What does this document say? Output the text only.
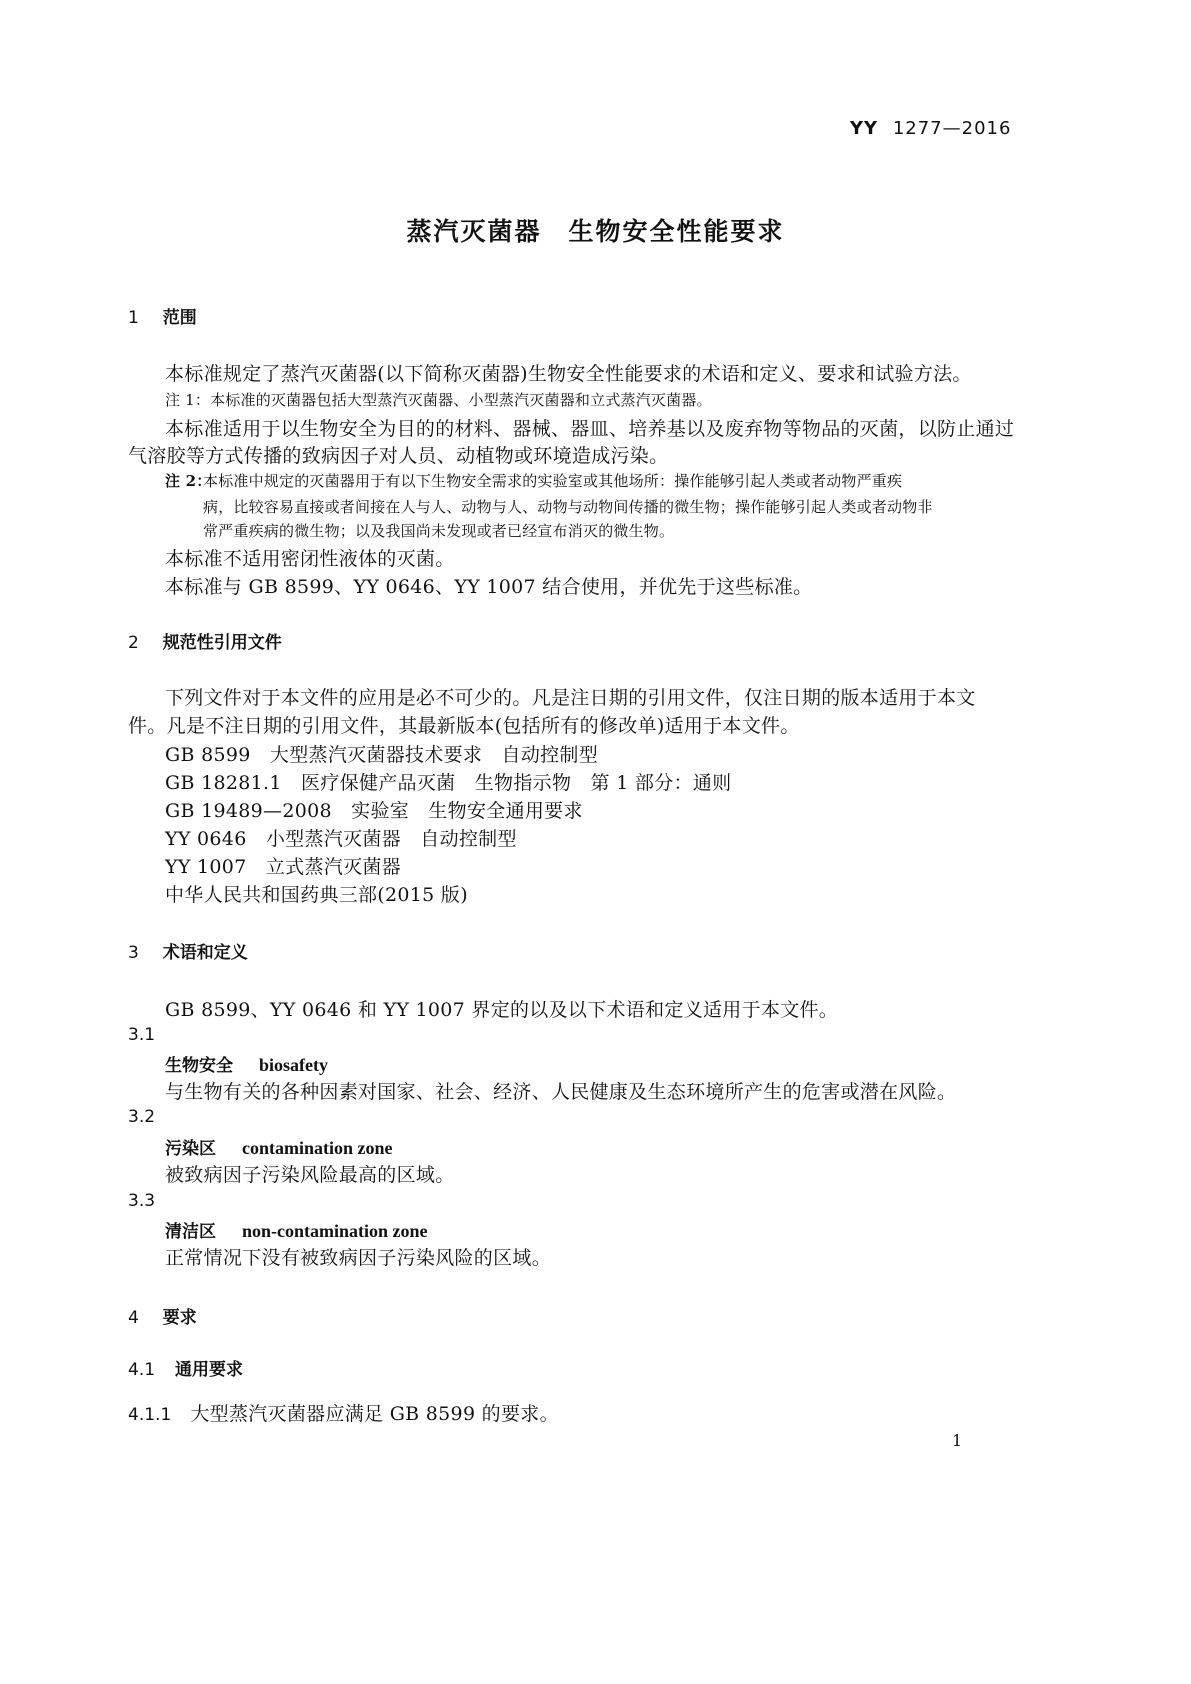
YY 1277—2016
蒸汽灭菌器　生物安全性能要求
1 范围
本标准规定了蒸汽灭菌器(以下简称灭菌器)生物安全性能要求的术语和定义、要求和试验方法。
注 1：本标准的灭菌器包括大型蒸汽灭菌器、小型蒸汽灭菌器和立式蒸汽灭菌器。
本标准适用于以生物安全为目的的材料、器械、器皿、培养基以及废弃物等物品的灭菌，以防止通过
气溶胶等方式传播的致病因子对人员、动植物或环境造成污染。
注 2：
本标准中规定的灭菌器用于有以下生物安全需求的实验室或其他场所：操作能够引起人类或者动物严重疾
病，比较容易直接或者间接在人与人、动物与人、动物与动物间传播的微生物；操作能够引起人类或者动物非
常严重疾病的微生物；以及我国尚未发现或者已经宣布消灭的微生物。
本标准不适用密闭性液体的灭菌。
本标准与 GB 8599、YY 0646、YY 1007 结合使用，并优先于这些标准。
2 规范性引用文件
下列文件对于本文件的应用是必不可少的。凡是注日期的引用文件，仅注日期的版本适用于本文
件。凡是不注日期的引用文件，其最新版本(包括所有的修改单)适用于本文件。
GB 8599　大型蒸汽灭菌器技术要求　自动控制型
GB 18281.1　医疗保健产品灭菌　生物指示物　第 1 部分：通则
GB 19489—2008　实验室　生物安全通用要求
YY 0646　小型蒸汽灭菌器　自动控制型
YY 1007　立式蒸汽灭菌器
中华人民共和国药典三部(2015 版)
3 术语和定义
GB 8599、YY 0646 和 YY 1007 界定的以及以下术语和定义适用于本文件。
3.1
生物安全 biosafety
与生物有关的各种因素对国家、社会、经济、人民健康及生态环境所产生的危害或潜在风险。
3.2
污染区 contamination zone
被致病因子污染风险最高的区域。
3.3
清洁区 non-contamination zone
正常情况下没有被致病因子污染风险的区域。
4 要求
4.1 通用要求
4.1.1 大型蒸汽灭菌器应满足 GB 8599 的要求。
1
